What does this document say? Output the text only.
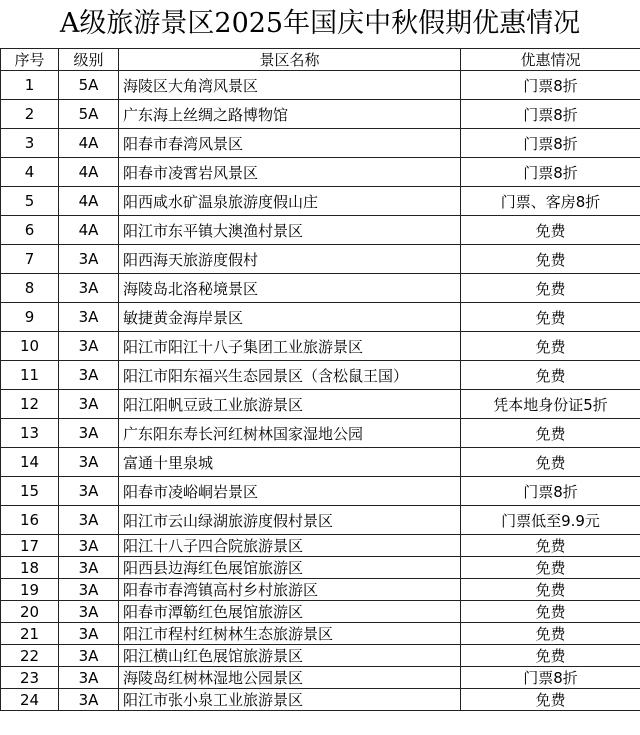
A级旅游景区2025年国庆中秋假期优惠情况
序号	级别	景区名称	优惠情况
1	5A	海陵区大角湾风景区	门票8折
2	5A	广东海上丝绸之路博物馆	门票8折
3	4A	阳春市春湾风景区	门票8折
4	4A	阳春市凌霄岩风景区	门票8折
5	4A	阳西咸水矿温泉旅游度假山庄	门票、客房8折
6	4A	阳江市东平镇大澳渔村景区	免费
7	3A	阳西海天旅游度假村	免费
8	3A	海陵岛北洛秘境景区	免费
9	3A	敏捷黄金海岸景区	免费
10	3A	阳江市阳江十八子集团工业旅游景区	免费
11	3A	阳江市阳东福兴生态园景区（含松鼠王国）	免费
12	3A	阳江阳帆豆豉工业旅游景区	凭本地身份证5折
13	3A	广东阳东寿长河红树林国家湿地公园	免费
14	3A	富通十里泉城	免费
15	3A	阳春市凌峪峒岩景区	门票8折
16	3A	阳江市云山绿湖旅游度假村景区	门票低至9.9元
17	3A	阳江十八子四合院旅游景区	免费
18	3A	阳西县边海红色展馆旅游区	免费
19	3A	阳春市春湾镇高村乡村旅游区	免费
20	3A	阳春市潭簕红色展馆旅游区	免费
21	3A	阳江市程村红树林生态旅游景区	免费
22	3A	阳江横山红色展馆旅游景区	免费
23	3A	海陵岛红树林湿地公园景区	门票8折
24	3A	阳江市张小泉工业旅游景区	免费
